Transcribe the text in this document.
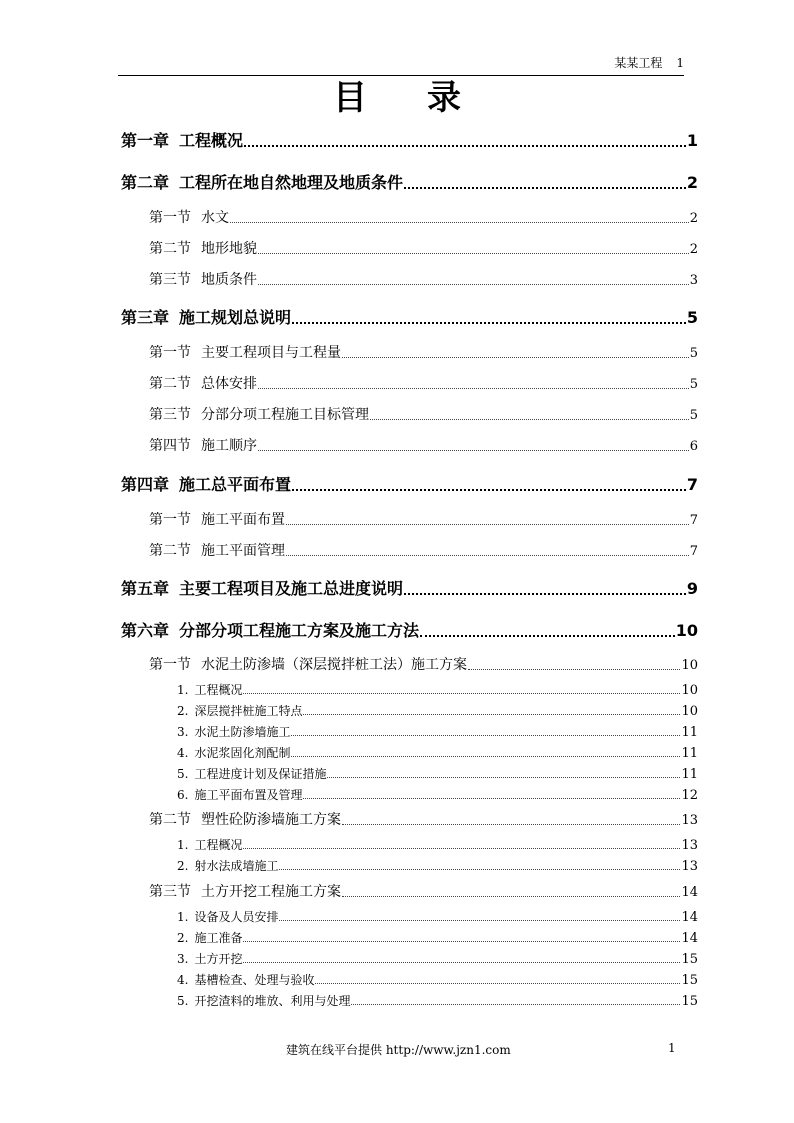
某某工程 1
目录
第一章 工程概况	1
第二章 工程所在地自然地理及地质条件	2
第一节 水文	2
第二节 地形地貌	2
第三节 地质条件	3
第三章 施工规划总说明	5
第一节 主要工程项目与工程量	5
第二节 总体安排	5
第三节 分部分项工程施工目标管理	5
第四节 施工顺序	6
第四章 施工总平面布置	7
第一节 施工平面布置	7
第二节 施工平面管理	7
第五章 主要工程项目及施工总进度说明	9
第六章 分部分项工程施工方案及施工方法	10
第一节 水泥土防渗墙（深层搅拌桩工法）施工方案	10
1. 工程概况	10
2. 深层搅拌桩施工特点	10
3. 水泥土防渗墙施工	11
4. 水泥浆固化剂配制	11
5. 工程进度计划及保证措施	11
6. 施工平面布置及管理	12
第二节 塑性砼防渗墙施工方案	13
1. 工程概况	13
2. 射水法成墙施工	13
第三节 土方开挖工程施工方案	14
1. 设备及人员安排	14
2. 施工准备	14
3. 土方开挖	15
4. 基槽检查、处理与验收	15
5. 开挖渣料的堆放、利用与处理	15
建筑在线平台提供 http://www.jzn1.com	1
